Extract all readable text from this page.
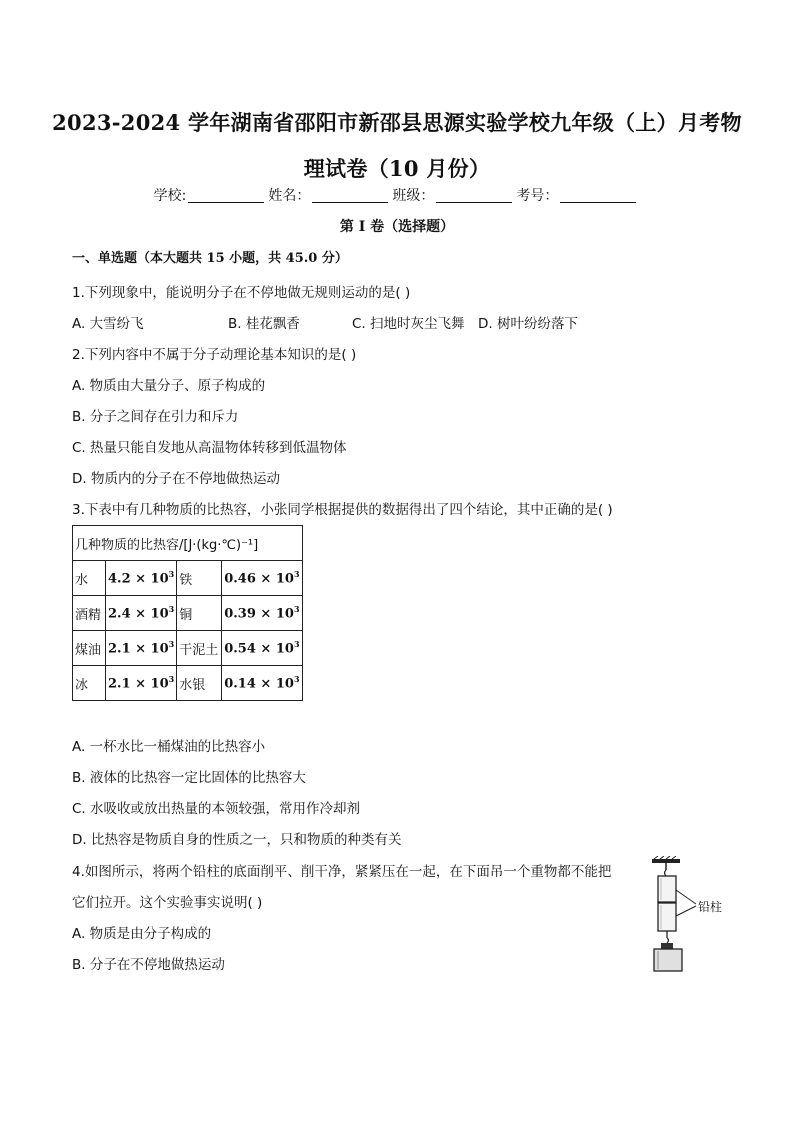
2023-2024 学年湖南省邵阳市新邵县思源实验学校九年级（上）月考物
理试卷（10 月份）
学校:	姓名：	班级：	考号：
第 I 卷（选择题）
一、单选题（本大题共 15 小题，共 45.0 分）
1.下列现象中，能说明分子在不停地做无规则运动的是( )
A. 大雪纷飞	B. 桂花飘香	C. 扫地时灰尘飞舞 D. 树叶纷纷落下
2.下列内容中不属于分子动理论基本知识的是( )
A. 物质由大量分子、原子构成的
B. 分子之间存在引力和斥力
C. 热量只能自发地从高温物体转移到低温物体
D. 物质内的分子在不停地做热运动
3.下表中有几种物质的比热容，小张同学根据提供的数据得出了四个结论，其中正确的是( )
几种物质的比热容/[J·(kg·℃)⁻¹]			
水	$4.2 \times 10^3$	铁	$0.46 \times 10^3$
酒精	$2.4 \times 10^3$	铜	$0.39 \times 10^3$
煤油	$2.1 \times 10^3$	干泥土	$0.54 \times 10^3$
冰	$2.1 \times 10^3$	水银	$0.14 \times 10^3$
A. 一杯水比一桶煤油的比热容小
B. 液体的比热容一定比固体的比热容大
C. 水吸收或放出热量的本领较强，常用作冷却剂
D. 比热容是物质自身的性质之一，只和物质的种类有关
4.如图所示，将两个铅柱的底面削平、削干净，紧紧压在一起，在下面吊一个重物都不能把
它们拉开。这个实验事实说明( )
A. 物质是由分子构成的
B. 分子在不停地做热运动
铅柱
